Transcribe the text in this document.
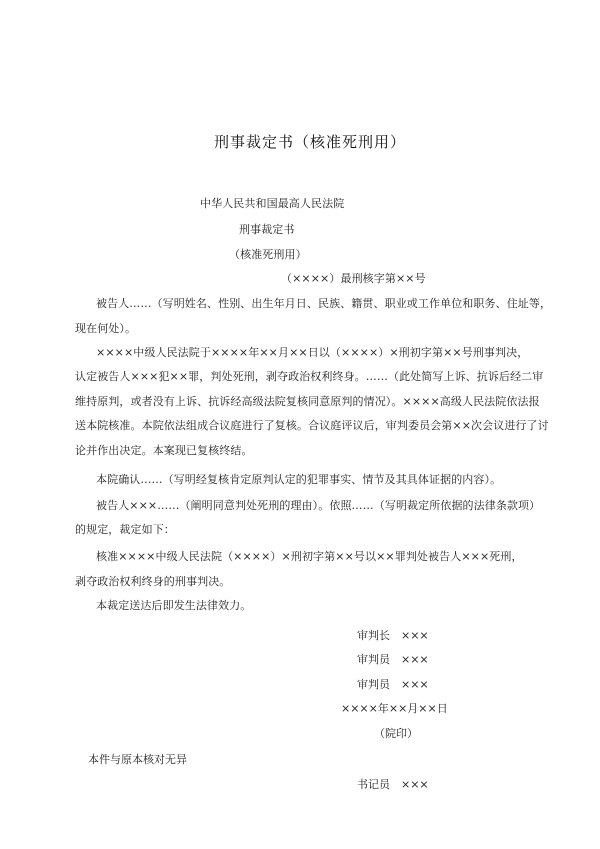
刑事裁定书（核准死刑用）
中华人民共和国最高人民法院
刑事裁定书
（核准死刑用）
（××××）最刑核字第××号
被告人……（写明姓名、性别、出生年月日、民族、籍贯、职业或工作单位和职务、住址等，
现在何处）。
××××中级人民法院于××××年××月××日以（××××）×刑初字第××号刑事判决，
认定被告人×××犯××罪，判处死刑，剥夺政治权利终身。……（此处简写上诉、抗诉后经二审
维持原判，或者没有上诉、抗诉经高级法院复核同意原判的情况）。××××高级人民法院依法报
送本院核准。本院依法组成合议庭进行了复核。合议庭评议后，审判委员会第××次会议进行了讨
论并作出决定。本案现已复核终结。
本院确认……（写明经复核肯定原判认定的犯罪事实、情节及其具体证据的内容）。
被告人×××……（阐明同意判处死刑的理由）。依照……（写明裁定所依据的法律条款项）
的规定，裁定如下：
核准××××中级人民法院（××××）×刑初字第××号以××罪判处被告人×××死刑，
剥夺政治权利终身的刑事判决。
本裁定送达后即发生法律效力。
审判长　×××
审判员　×××
审判员　×××
××××年××月××日
（院印）
本件与原本核对无异
书记员　×××
